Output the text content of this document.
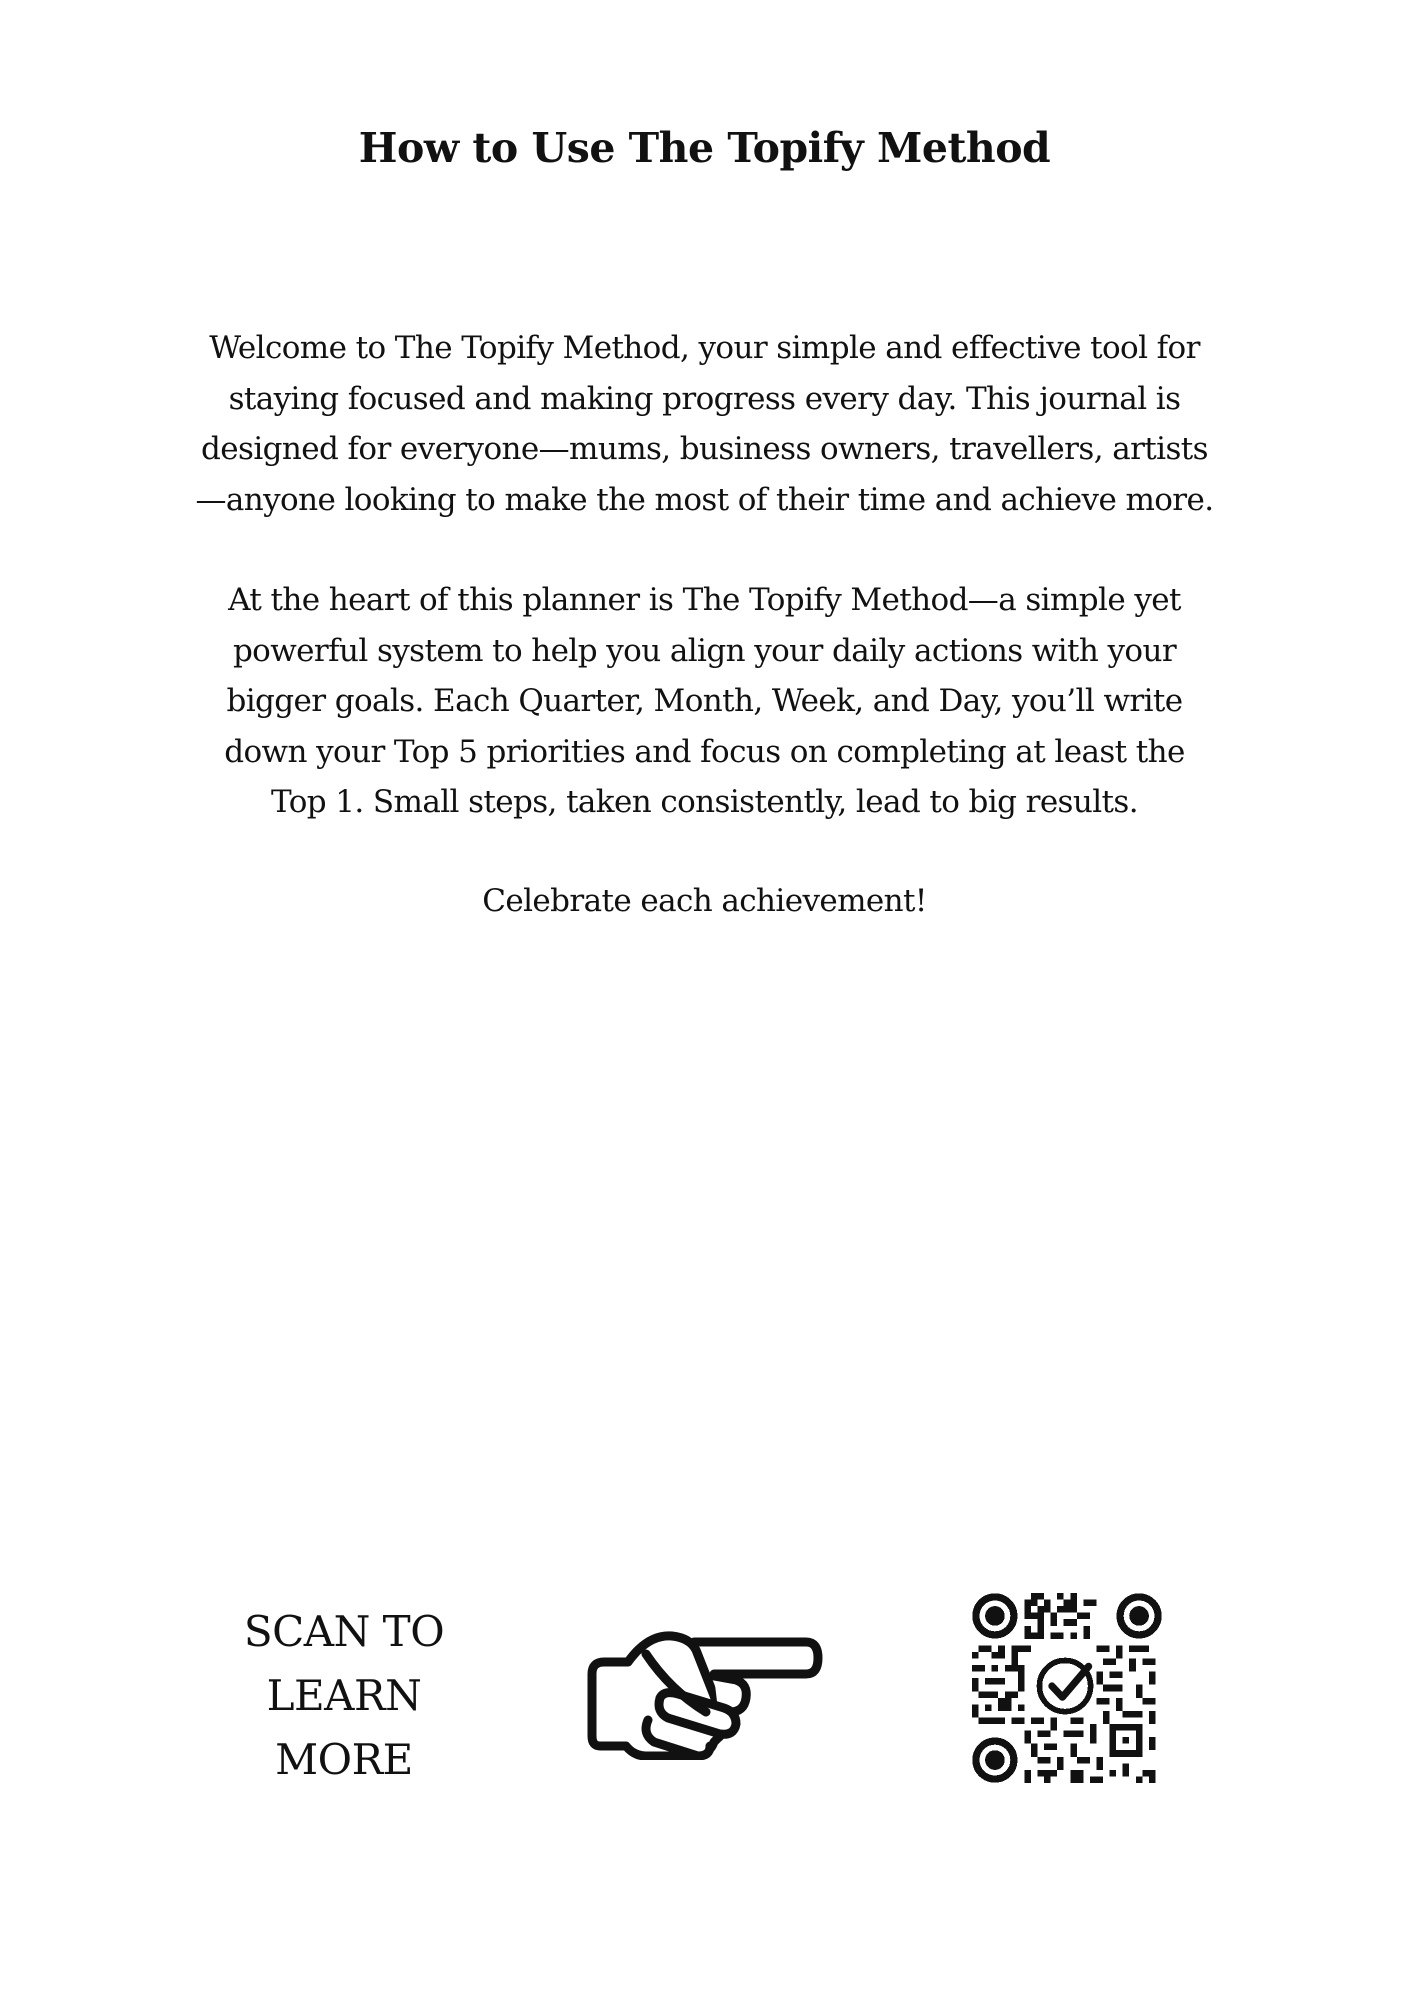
How to Use The Topify Method

Welcome to The Topify Method, your simple and effective tool for
staying focused and making progress every day. This journal is
designed for everyone—mums, business owners, travellers, artists
—anyone looking to make the most of their time and achieve more.

At the heart of this planner is The Topify Method—a simple yet
powerful system to help you align your daily actions with your
bigger goals. Each Quarter, Month, Week, and Day, you’ll write
down your Top 5 priorities and focus on completing at least the
Top 1. Small steps, taken consistently, lead to big results.

Celebrate each achievement!

SCAN TO
LEARN
MORE
